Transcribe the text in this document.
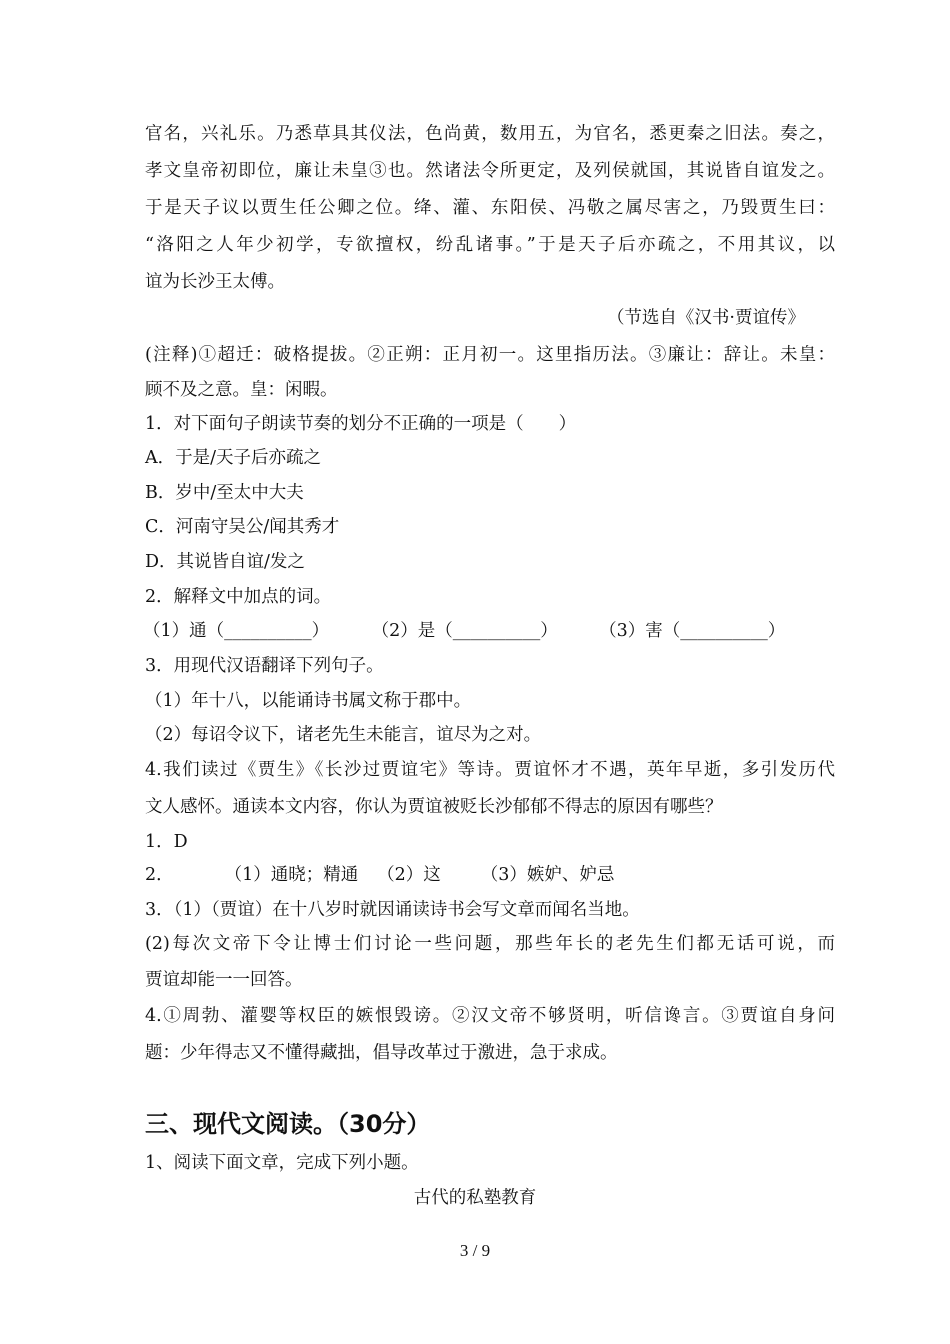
官名，兴礼乐。乃悉草具其仪法，色尚黄，数用五，为官名，悉更秦之旧法。奏之，
孝文皇帝初即位，廉让未皇③也。然诸法令所更定，及列侯就国，其说皆自谊发之。
于是天子议以贾生任公卿之位。绛、灌、东阳侯、冯敬之属尽害之，乃毁贾生曰：
“洛阳之人年少初学，专欲擅权，纷乱诸事。”于是天子后亦疏之，不用其议，以
谊为长沙王太傅。
（节选自《汉书·贾谊传》
(注释)①超迁：破格提拔。②正朔：正月初一。这里指历法。③廉让：辞让。未皇：
顾不及之意。皇：闲暇。
1．对下面句子朗读节奏的划分不正确的一项是（　　）
A．于是/天子后亦疏之
B．岁中/至太中大夫
C．河南守吴公/闻其秀才
D．其说皆自谊/发之
2．解释文中加点的词。
（1）通（__________） （2）是（__________） （3）害（__________）
3．用现代汉语翻译下列句子。
（1）年十八，以能诵诗书属文称于郡中。
（2）每诏令议下，诸老先生未能言，谊尽为之对。
4.我们读过《贾生》《长沙过贾谊宅》等诗。贾谊怀才不遇，英年早逝，多引发历代
文人感怀。通读本文内容，你认为贾谊被贬长沙郁郁不得志的原因有哪些？
1．D
2．	（1）通晓；精通 （2）这 （3）嫉妒、妒忌
3．（1）（贾谊）在十八岁时就因诵读诗书会写文章而闻名当地。
(2)每次文帝下令让博士们讨论一些问题，那些年长的老先生们都无话可说，而
贾谊却能一一回答。
4.①周勃、灌婴等权臣的嫉恨毁谤。②汉文帝不够贤明，听信谗言。③贾谊自身问
题：少年得志又不懂得藏拙，倡导改革过于激进，急于求成。
三、现代文阅读。（30分）
1、阅读下面文章，完成下列小题。
古代的私塾教育
3 / 9
